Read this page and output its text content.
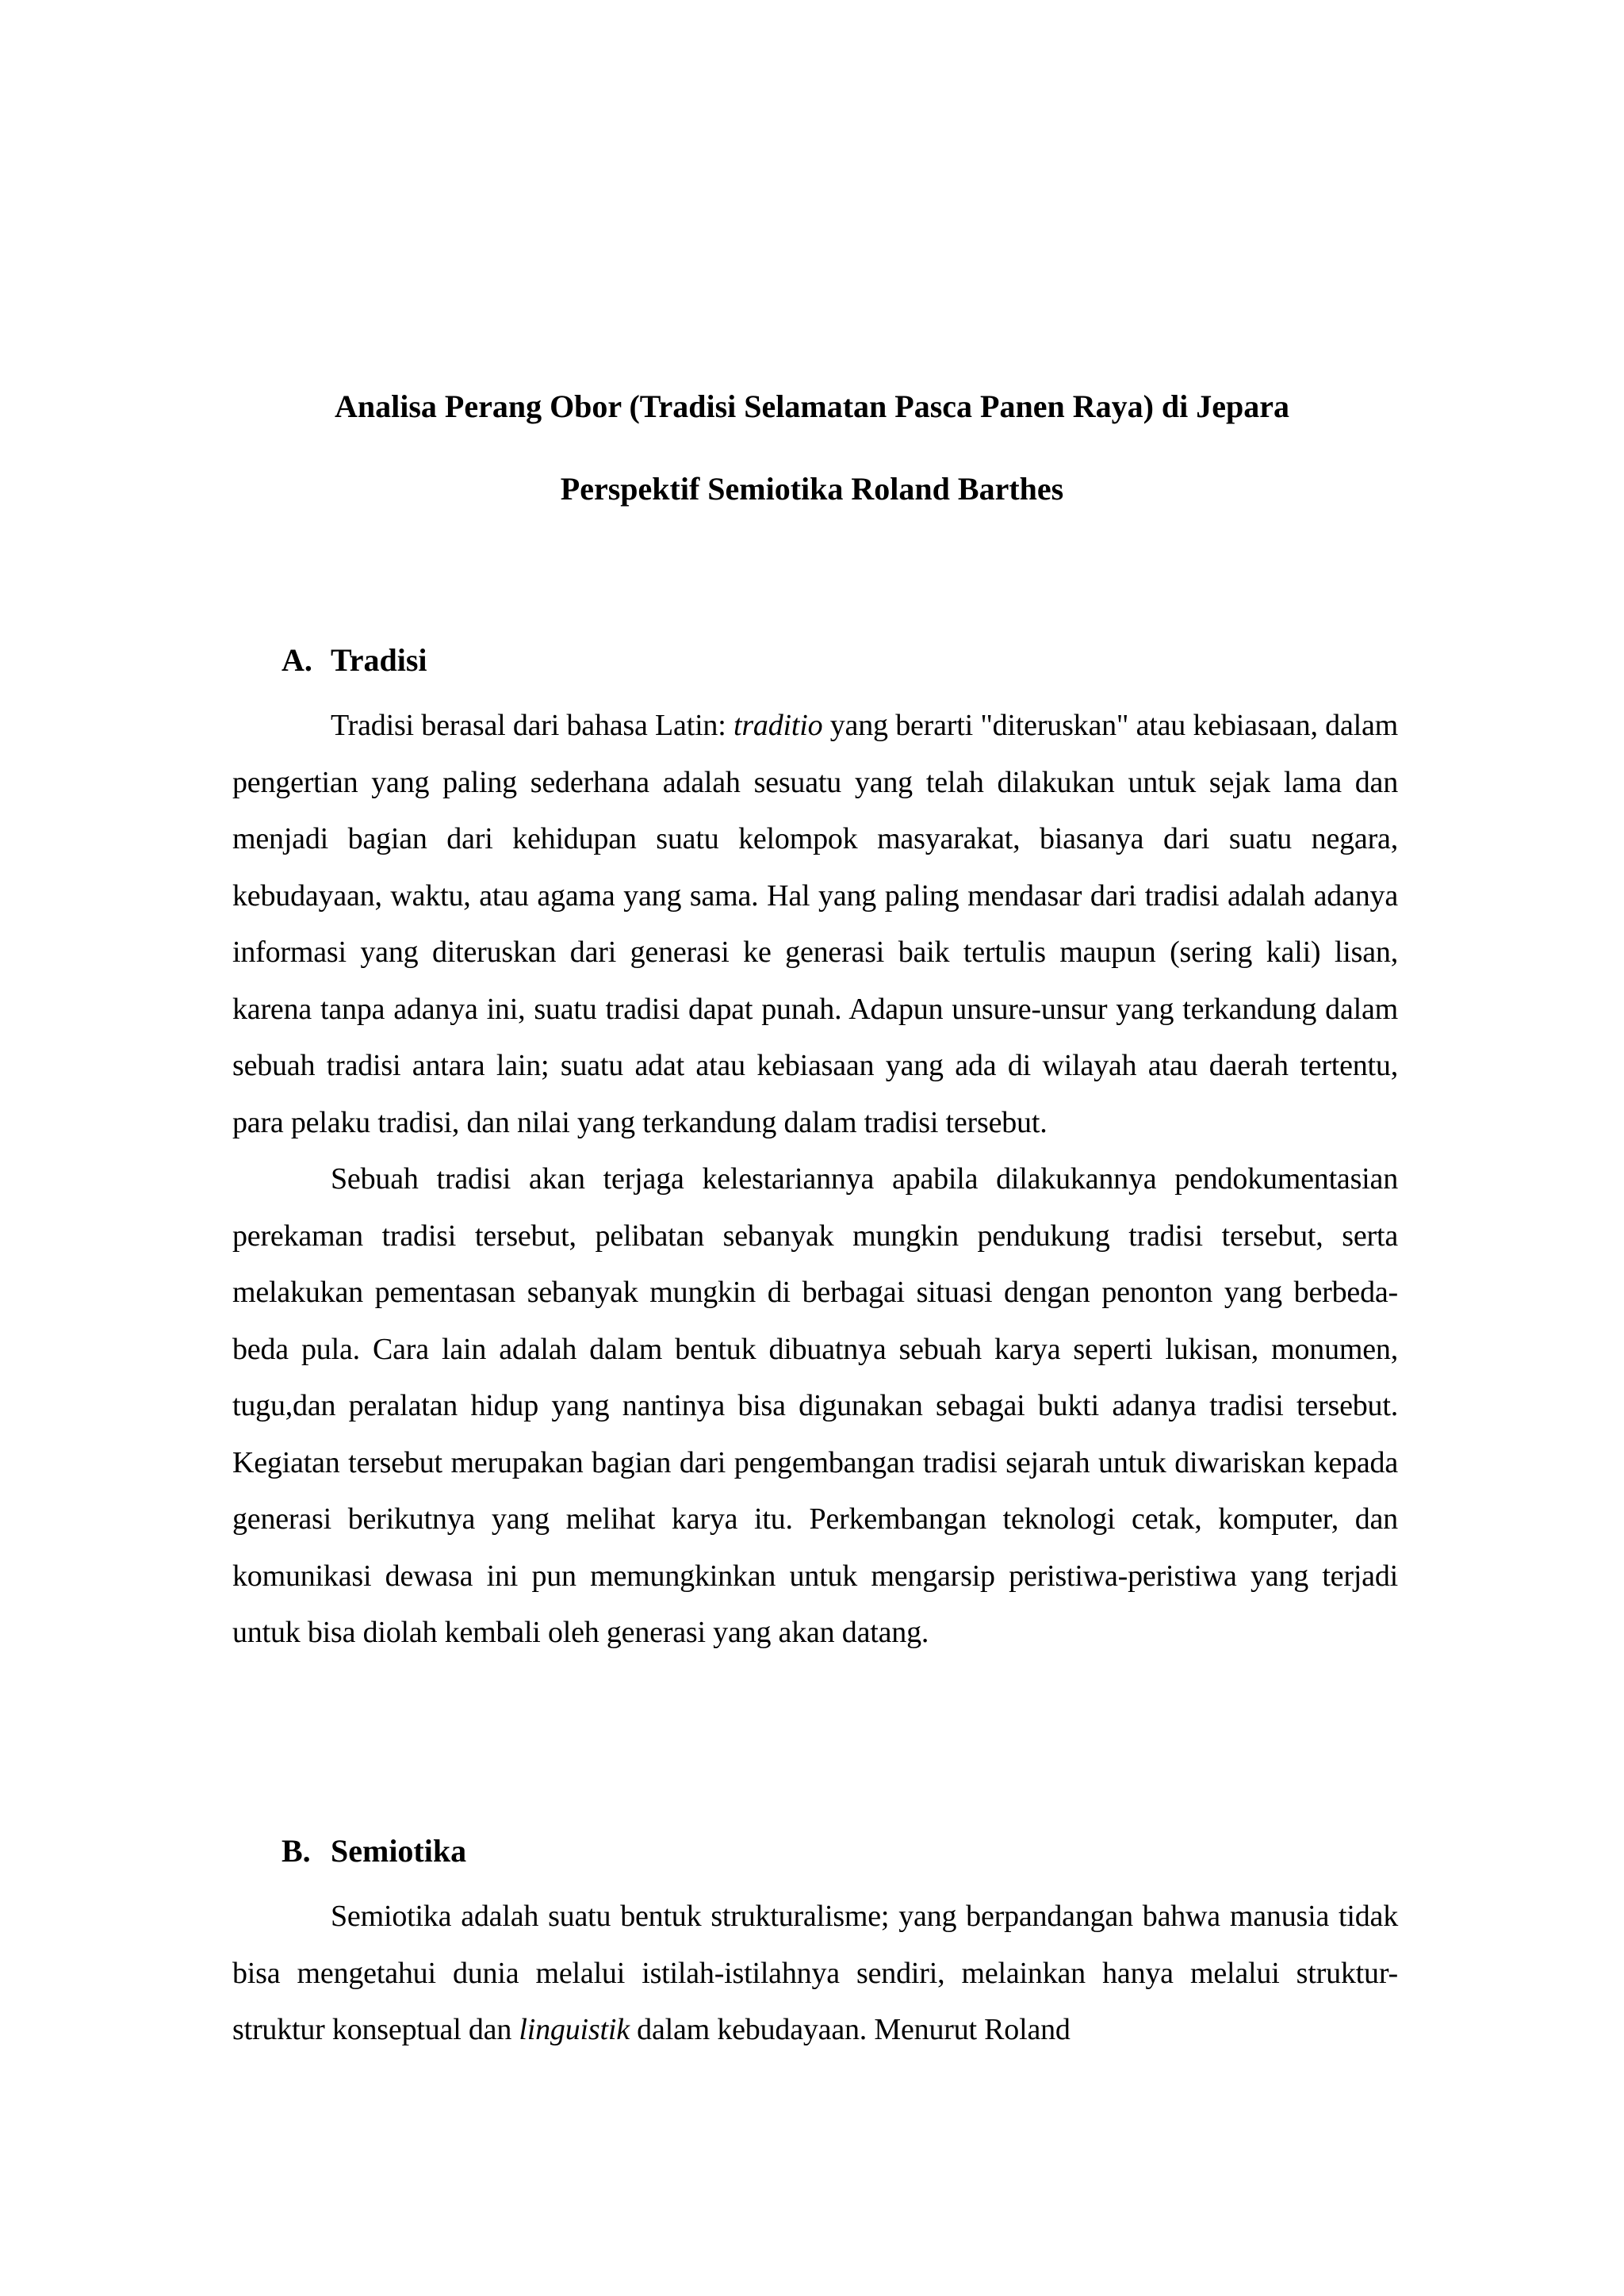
Analisa Perang Obor (Tradisi Selamatan Pasca Panen Raya) di Jepara
Perspektif Semiotika Roland Barthes
A. Tradisi

Tradisi berasal dari bahasa Latin: traditio yang berarti "diteruskan" atau kebiasaan, dalam pengertian yang paling sederhana adalah sesuatu yang telah dilakukan untuk sejak lama dan menjadi bagian dari kehidupan suatu kelompok masyarakat, biasanya dari suatu negara, kebudayaan, waktu, atau agama yang sama. Hal yang paling mendasar dari tradisi adalah adanya informasi yang diteruskan dari generasi ke generasi baik tertulis maupun (sering kali) lisan, karena tanpa adanya ini, suatu tradisi dapat punah. Adapun unsure-unsur yang terkandung dalam sebuah tradisi antara lain; suatu adat atau kebiasaan yang ada di wilayah atau daerah tertentu, para pelaku tradisi, dan nilai yang terkandung dalam tradisi tersebut.

Sebuah tradisi akan terjaga kelestariannya apabila dilakukannya pendokumentasian perekaman tradisi tersebut, pelibatan sebanyak mungkin pendukung tradisi tersebut, serta melakukan pementasan sebanyak mungkin di berbagai situasi dengan penonton yang berbeda-beda pula. Cara lain adalah dalam bentuk dibuatnya sebuah karya seperti lukisan, monumen, tugu,dan peralatan hidup yang nantinya bisa digunakan sebagai bukti adanya tradisi tersebut. Kegiatan tersebut merupakan bagian dari pengembangan tradisi sejarah untuk diwariskan kepada generasi berikutnya yang melihat karya itu. Perkembangan teknologi cetak, komputer, dan komunikasi dewasa ini pun memungkinkan untuk mengarsip peristiwa-peristiwa yang terjadi untuk bisa diolah kembali oleh generasi yang akan datang.

B. Semiotika

Semiotika adalah suatu bentuk strukturalisme; yang berpandangan bahwa manusia tidak bisa mengetahui dunia melalui istilah-istilahnya sendiri, melainkan hanya melalui struktur-struktur konseptual dan linguistik dalam kebudayaan. Menurut Roland
